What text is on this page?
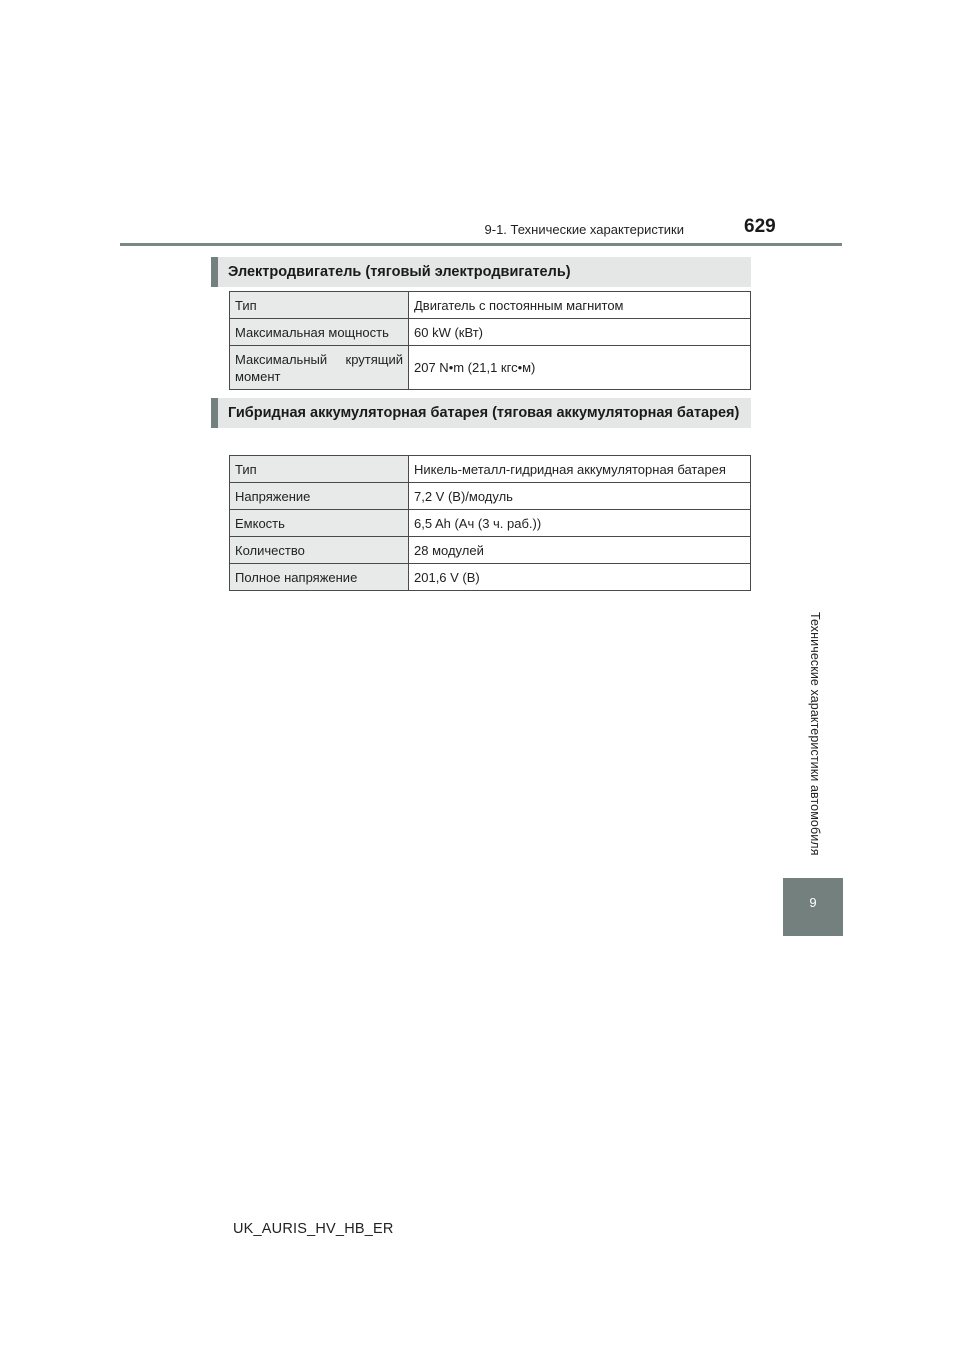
9-1. Технические характеристики	629
Технические характеристики автомобиля
9
Электродвигатель (тяговый электродвигатель)
Тип	Двигатель с постоянным магнитом
Максимальная мощность	60 kW (кВт)
Максимальный крутящий момент	207 N•m (21,1 кгс•м)
Гибридная аккумуляторная батарея (тяговая аккумуляторная батарея)
Тип	Никель-металл-гидридная аккумуляторная батарея
Напряжение	7,2 V (В)/модуль
Емкость	6,5 Ah (Ач (3 ч. раб.))
Количество	28 модулей
Полное напряжение	201,6 V (В)
UK_AURIS_HV_HB_ER
